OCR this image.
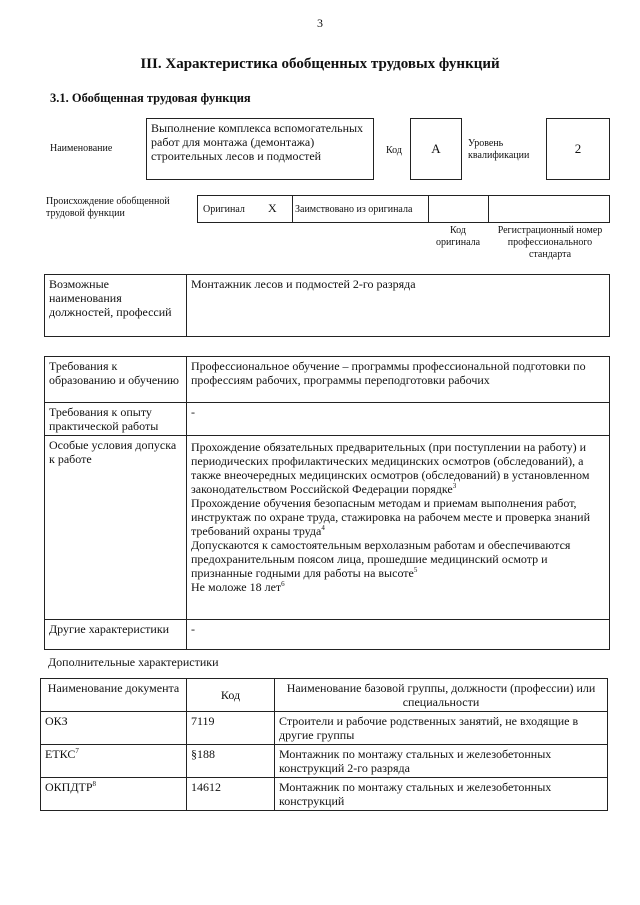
3
III. Характеристика обобщенных трудовых функций
3.1. Обобщенная трудовая функция
Наименование
Выполнение комплекса вспомогательных работ для монтажа (демонтажа) строительных лесов и подмостей	Код	A	Уровень квалификации	2
Происхождение обобщенной трудовой функции	Оригинал X Заимствовано из оригинала
Код оригинала
Регистрационный номер профессионального стандарта
Возможные наименования должностей, профессий	Монтажник лесов и подмостей 2-го разряда
Требования к образованию и обучению	Профессиональное обучение – программы профессиональной подготовки по профессиям рабочих, программы переподготовки рабочих
Требования к опыту практической работы	-
Особые условия допуска к работе	Прохождение обязательных предварительных (при поступлении на работу) и периодических профилактических медицинских осмотров (обследований), а также внеочередных медицинских осмотров (обследований) в установленном законодательством Российской Федерации порядке$^3$
Прохождение обучения безопасным методам и приемам выполнения работ, инструктаж по охране труда, стажировка на рабочем месте и проверка знаний требований охраны труда$^4$
Допускаются к самостоятельным верхолазным работам и обеспечиваются предохранительным поясом лица, прошедшие медицинский осмотр и признанные годными для работы на высоте$^5$
Не моложе 18 лет$^6$

Другие характеристики	-
Дополнительные характеристики
Наименование документа	Код	Наименование базовой группы, должности (профессии) или специальности
ОКЗ	7119	Строители и рабочие родственных занятий, не входящие в другие группы
ЕТКС$^7$	§188	Монтажник по монтажу стальных и железобетонных конструкций 2-го разряда
ОКПДТР$^8$	14612	Монтажник по монтажу стальных и железобетонных конструкций
